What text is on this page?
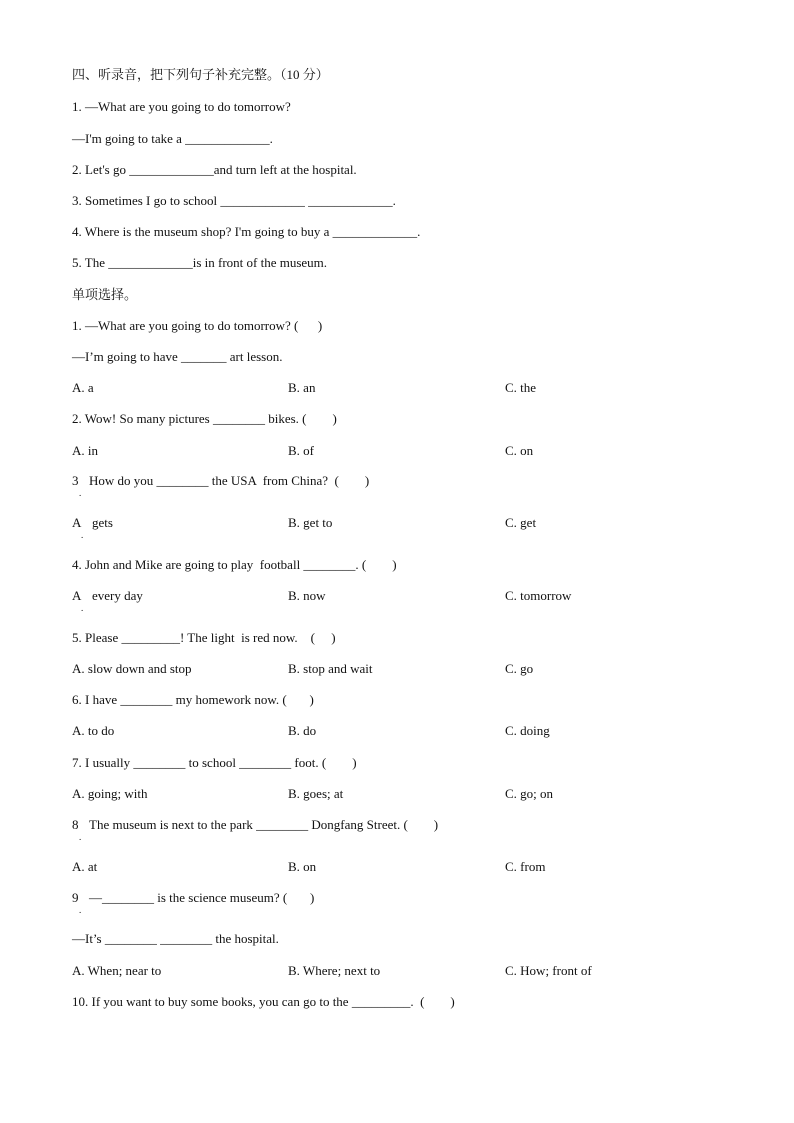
四、听录音，把下列句子补充完整。（10 分）
1. —What are you going to do tomorrow?
—I'm going to take a _____________.
2. Let's go _____________and turn left at the hospital.
3. Sometimes I go to school _____________ _____________.
4. Where is the museum shop? I'm going to buy a _____________.
5. The _____________is in front of the museum.
单项选择。
1. —What are you going to do tomorrow? (      )
—I’m going to have _______ art lesson.
A. a	B. an	C. the
2. Wow! So many pictures ________ bikes. (        )
A. in	B. of	C. on
3
.
How do you ________ the USA  from China?  (        )
A
.
gets	B. get to	C. get
4. John and Mike are going to play  football ________. (        )
A
.
every day	B. now	C. tomorrow
5. Please _________! The light  is red now.    (     )
A. slow down and stop	B. stop and wait	C. go
6. I have ________ my homework now. (       )
A. to do	B. do	C. doing
7. I usually ________ to school ________ foot. (        )
A. going; with	B. goes; at	C. go; on
8
.
The museum is next to the park ________ Dongfang Street. (        )
A. at	B. on	C. from
9
.
—________ is the science museum? (       )
—It’s ________ ________ the hospital.
A. When; near to	B. Where; next to	C. How; front of
10. If you want to buy some books, you can go to the _________.  (        )
